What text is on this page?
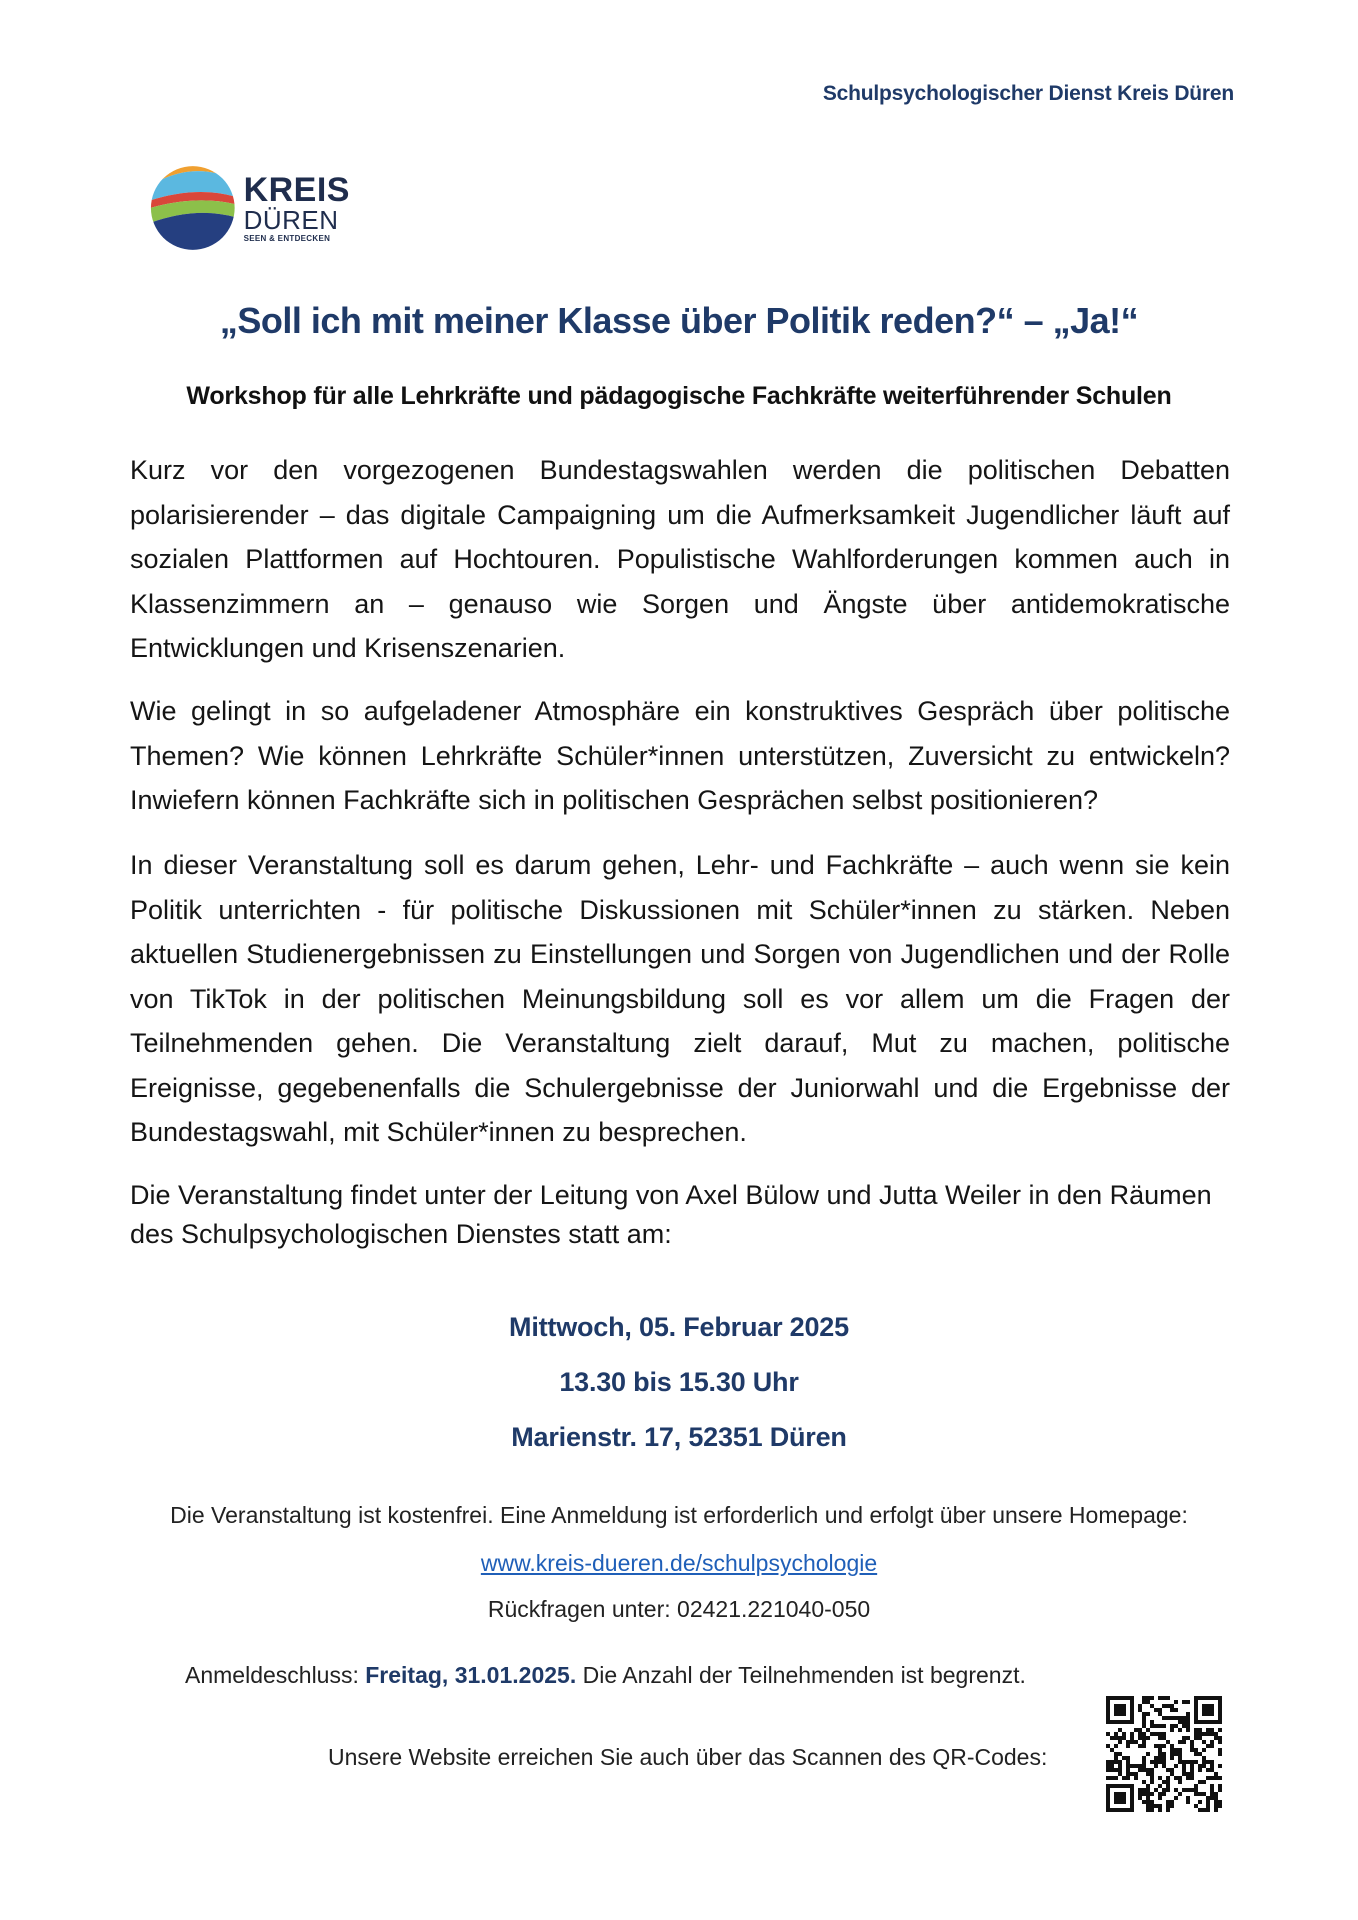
Schulpsychologischer Dienst Kreis Düren
KREIS
DÜREN
SEEN & ENTDECKEN
„Soll ich mit meiner Klasse über Politik reden?“ – „Ja!“
Workshop für alle Lehrkräfte und pädagogische Fachkräfte weiterführender Schulen
Kurz vor den vorgezogenen Bundestagswahlen werden die politischen Debatten polarisierender – das digitale Campaigning um die Aufmerksamkeit Jugendlicher läuft auf sozialen Plattformen auf Hochtouren. Populistische Wahlforderungen kommen auch in Klassenzimmern an – genauso wie Sorgen und Ängste über antidemokratische Entwicklungen und Krisenszenarien.
Wie gelingt in so aufgeladener Atmosphäre ein konstruktives Gespräch über politische Themen? Wie können Lehrkräfte Schüler*innen unterstützen, Zuversicht zu entwickeln? Inwiefern können Fachkräfte sich in politischen Gesprächen selbst positionieren?
In dieser Veranstaltung soll es darum gehen, Lehr- und Fachkräfte – auch wenn sie kein Politik unterrichten - für politische Diskussionen mit Schüler*innen zu stärken. Neben aktuellen Studienergebnissen zu Einstellungen und Sorgen von Jugendlichen und der Rolle von TikTok in der politischen Meinungsbildung soll es vor allem um die Fragen der Teilnehmenden gehen. Die Veranstaltung zielt darauf, Mut zu machen, politische Ereignisse, gegebenenfalls die Schulergebnisse der Juniorwahl und die Ergebnisse der Bundestagswahl, mit Schüler*innen zu besprechen.
Die Veranstaltung findet unter der Leitung von Axel Bülow und Jutta Weiler in den Räumen des Schulpsychologischen Dienstes statt am:
Mittwoch, 05. Februar 2025
13.30 bis 15.30 Uhr
Marienstr. 17, 52351 Düren
Die Veranstaltung ist kostenfrei. Eine Anmeldung ist erforderlich und erfolgt über unsere Homepage:
www.kreis-dueren.de/schulpsychologie
Rückfragen unter: 02421.221040-050
Anmeldeschluss: Freitag, 31.01.2025. Die Anzahl der Teilnehmenden ist begrenzt.
Unsere Website erreichen Sie auch über das Scannen des QR-Codes:
